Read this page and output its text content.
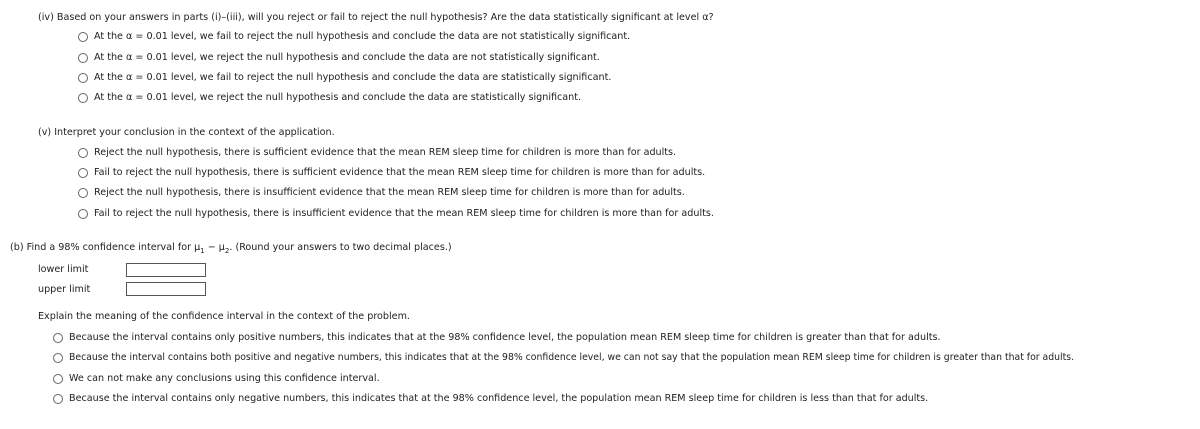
(iv) Based on your answers in parts (i)–(iii), will you reject or fail to reject the null hypothesis? Are the data statistically significant at level α?
At the α = 0.01 level, we fail to reject the null hypothesis and conclude the data are not statistically significant.
At the α = 0.01 level, we reject the null hypothesis and conclude the data are not statistically significant.
At the α = 0.01 level, we fail to reject the null hypothesis and conclude the data are statistically significant.
At the α = 0.01 level, we reject the null hypothesis and conclude the data are statistically significant.
(v) Interpret your conclusion in the context of the application.
Reject the null hypothesis, there is sufficient evidence that the mean REM sleep time for children is more than for adults.
Fail to reject the null hypothesis, there is sufficient evidence that the mean REM sleep time for children is more than for adults.
Reject the null hypothesis, there is insufficient evidence that the mean REM sleep time for children is more than for adults.
Fail to reject the null hypothesis, there is insufficient evidence that the mean REM sleep time for children is more than for adults.
(b) Find a 98% confidence interval for $\mu_1 - \mu_2$. (Round your answers to two decimal places.)
lower limit
upper limit
Explain the meaning of the confidence interval in the context of the problem.
Because the interval contains only positive numbers, this indicates that at the 98% confidence level, the population mean REM sleep time for children is greater than that for adults.
Because the interval contains both positive and negative numbers, this indicates that at the 98% confidence level, we can not say that the population mean REM sleep time for children is greater than that for adults.
We can not make any conclusions using this confidence interval.
Because the interval contains only negative numbers, this indicates that at the 98% confidence level, the population mean REM sleep time for children is less than that for adults.
